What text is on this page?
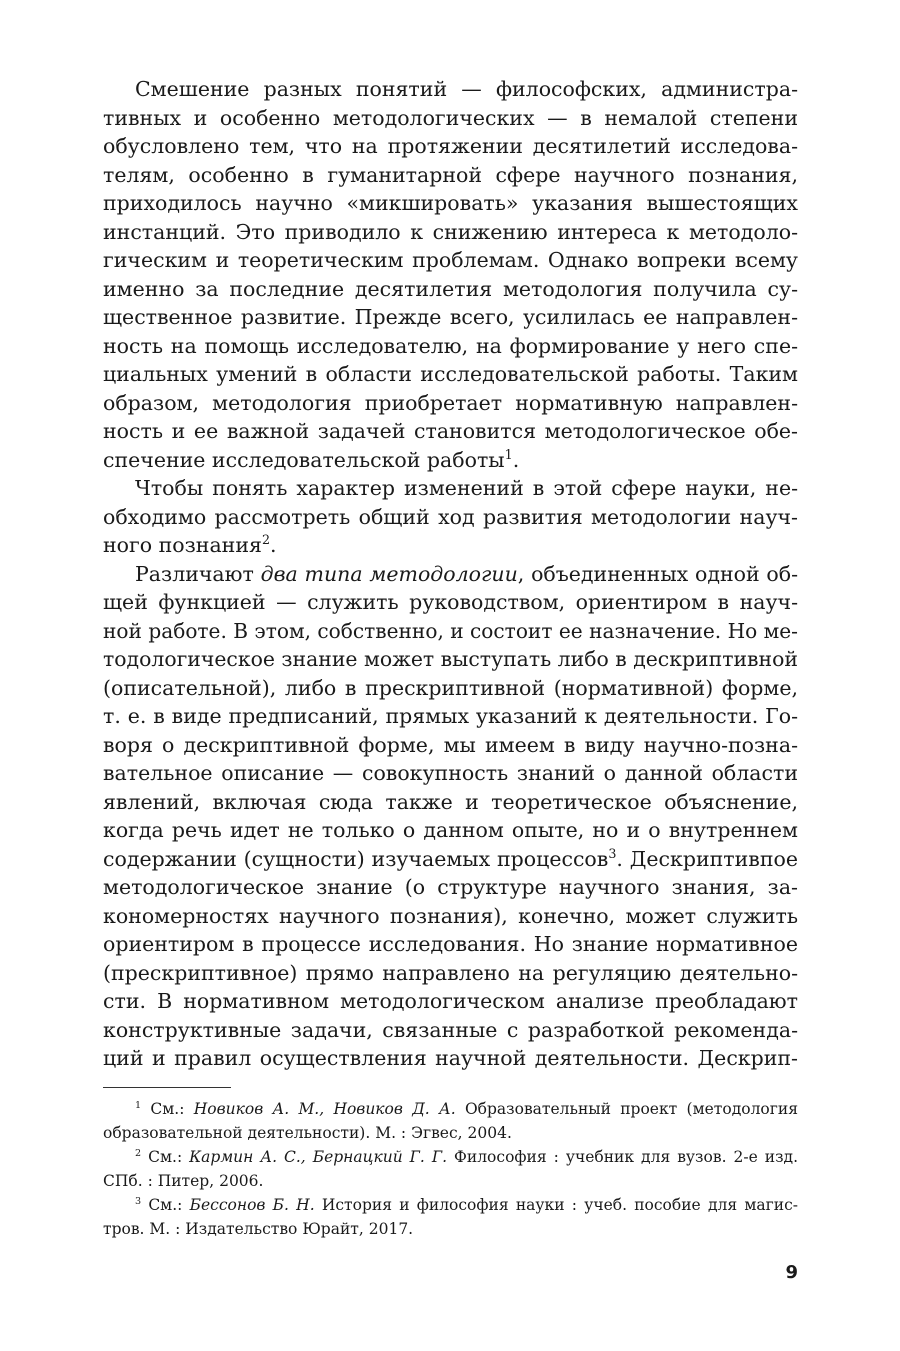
Смешение разных понятий — философских, администра-
тивных и особенно методологических — в немалой степени
обусловлено тем, что на протяжении десятилетий исследова-
телям, особенно в гуманитарной сфере научного познания,
приходилось научно «микшировать» указания вышестоящих
инстанций. Это приводило к снижению интереса к методоло-
гическим и теоретическим проблемам. Однако вопреки всему
именно за последние десятилетия методология получила су-
щественное развитие. Прежде всего, усилилась ее направлен-
ность на помощь исследователю, на формирование у него спе-
циальных умений в области исследовательской работы. Таким
образом, методология приобретает нормативную направлен-
ность и ее важной задачей становится методологическое обе-
спечение исследовательской работы$^1$.
Чтобы понять характер изменений в этой сфере науки, не-
обходимо рассмотреть общий ход развития методологии науч-
ного познания$^2$.
Различают два типа методологии, объединенных одной об-
щей функцией — служить руководством, ориентиром в науч-
ной работе. В этом, собственно, и состоит ее назначение. Но ме-
тодологическое знание может выступать либо в дескриптивной
(описательной), либо в прескриптивной (нормативной) форме,
т. е. в виде предписаний, прямых указаний к деятельности. Го-
воря о дескриптивной форме, мы имеем в виду научно-позна-
вательное описание — совокупность знаний о данной области
явлений, включая сюда также и теоретическое объяснение,
когда речь идет не только о данном опыте, но и о внутреннем
содержании (сущности) изучаемых процессов$^3$. Дескриптивпое
методологическое знание (о структуре научного знания, за-
кономерностях научного познания), конечно, может служить
ориентиром в процессе исследования. Но знание нормативное
(прескриптивное) прямо направлено на регуляцию деятельно-
сти. В нормативном методологическом анализе преобладают
конструктивные задачи, связанные с разработкой рекоменда-
ций и правил осуществления научной деятельности. Дескрип-
$^1$ См.: Новиков А. М., Новиков Д. А. Образовательный проект (методология
образовательной деятельности). М. : Эгвес, 2004.
$^2$ См.: Кармин А. С., Бернацкий Г. Г. Философия : учебник для вузов. 2-е изд.
СПб. : Питер, 2006.
$^3$ См.: Бессонов Б. Н. История и философия науки : учеб. пособие для магис-
тров. М. : Издательство Юрайт, 2017.
9
